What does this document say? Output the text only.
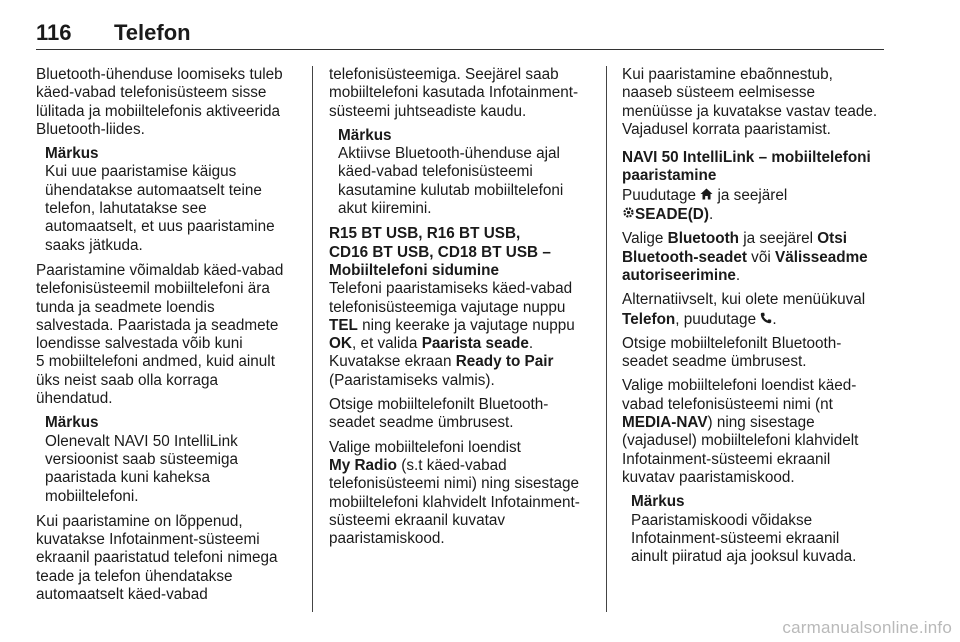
116 Telefon

Bluetooth-ühenduse loomiseks tuleb
käed-vabad telefonisüsteem sisse
lülitada ja mobiiltelefonis aktiveerida
Bluetooth-liides.

Märkus
Kui uue paaristamise käigus
ühendatakse automaatselt teine
telefon, lahutatakse see
automaatselt, et uus paaristamine
saaks jätkuda.

Paaristamine võimaldab käed-vabad
telefonisüsteemil mobiiltelefoni ära
tunda ja seadmete loendis
salvestada. Paaristada ja seadmete
loendisse salvestada võib kuni
5 mobiiltelefoni andmed, kuid ainult
üks neist saab olla korraga
ühendatud.

Märkus
Olenevalt NAVI 50 IntelliLink
versioonist saab süsteemiga
paaristada kuni kaheksa
mobiiltelefoni.

Kui paaristamine on lõppenud,
kuvatakse Infotainment-süsteemi
ekraanil paaristatud telefoni nimega
teade ja telefon ühendatakse
automaatselt käed-vabad

telefonisüsteemiga. Seejärel saab
mobiiltelefoni kasutada Infotainment-
süsteemi juhtseadiste kaudu.

Märkus
Aktiivse Bluetooth-ühenduse ajal
käed-vabad telefonisüsteemi
kasutamine kulutab mobiiltelefoni
akut kiiremini.
R15 BT USB, R16 BT USB,
CD16 BT USB, CD18 BT USB –
Mobiiltelefoni sidumine

Telefoni paaristamiseks käed-vabad
telefonisüsteemiga vajutage nuppu
TEL ning keerake ja vajutage nuppu
OK, et valida Paarista seade.
Kuvatakse ekraan Ready to Pair
(Paaristamiseks valmis).

Otsige mobiiltelefonilt Bluetooth-
seadet seadme ümbrusest.

Valige mobiiltelefoni loendist
My Radio (s.t käed-vabad
telefonisüsteemi nimi) ning sisestage
mobiiltelefoni klahvidelt Infotainment-
süsteemi ekraanil kuvatav
paaristamiskood.

Kui paaristamine ebaõnnestub,
naaseb süsteem eelmisesse
menüüsse ja kuvatakse vastav teade.
Vajadusel korrata paaristamist.

NAVI 50 IntelliLink – mobiiltelefoni
paaristamine

Puudutage  ja seejärel
SEADE(D).

Valige Bluetooth ja seejärel Otsi
Bluetooth-seadet või Välisseadme
autoriseerimine.

Alternatiivselt, kui olete menüükuval
Telefon, puudutage .

Otsige mobiiltelefonilt Bluetooth-
seadet seadme ümbrusest.

Valige mobiiltelefoni loendist käed-
vabad telefonisüsteemi nimi (nt
MEDIA-NAV) ning sisestage
(vajadusel) mobiiltelefoni klahvidelt
Infotainment-süsteemi ekraanil
kuvatav paaristamiskood.

Märkus
Paaristamiskoodi võidakse
Infotainment-süsteemi ekraanil
ainult piiratud aja jooksul kuvada.
carmanualsonline.info
